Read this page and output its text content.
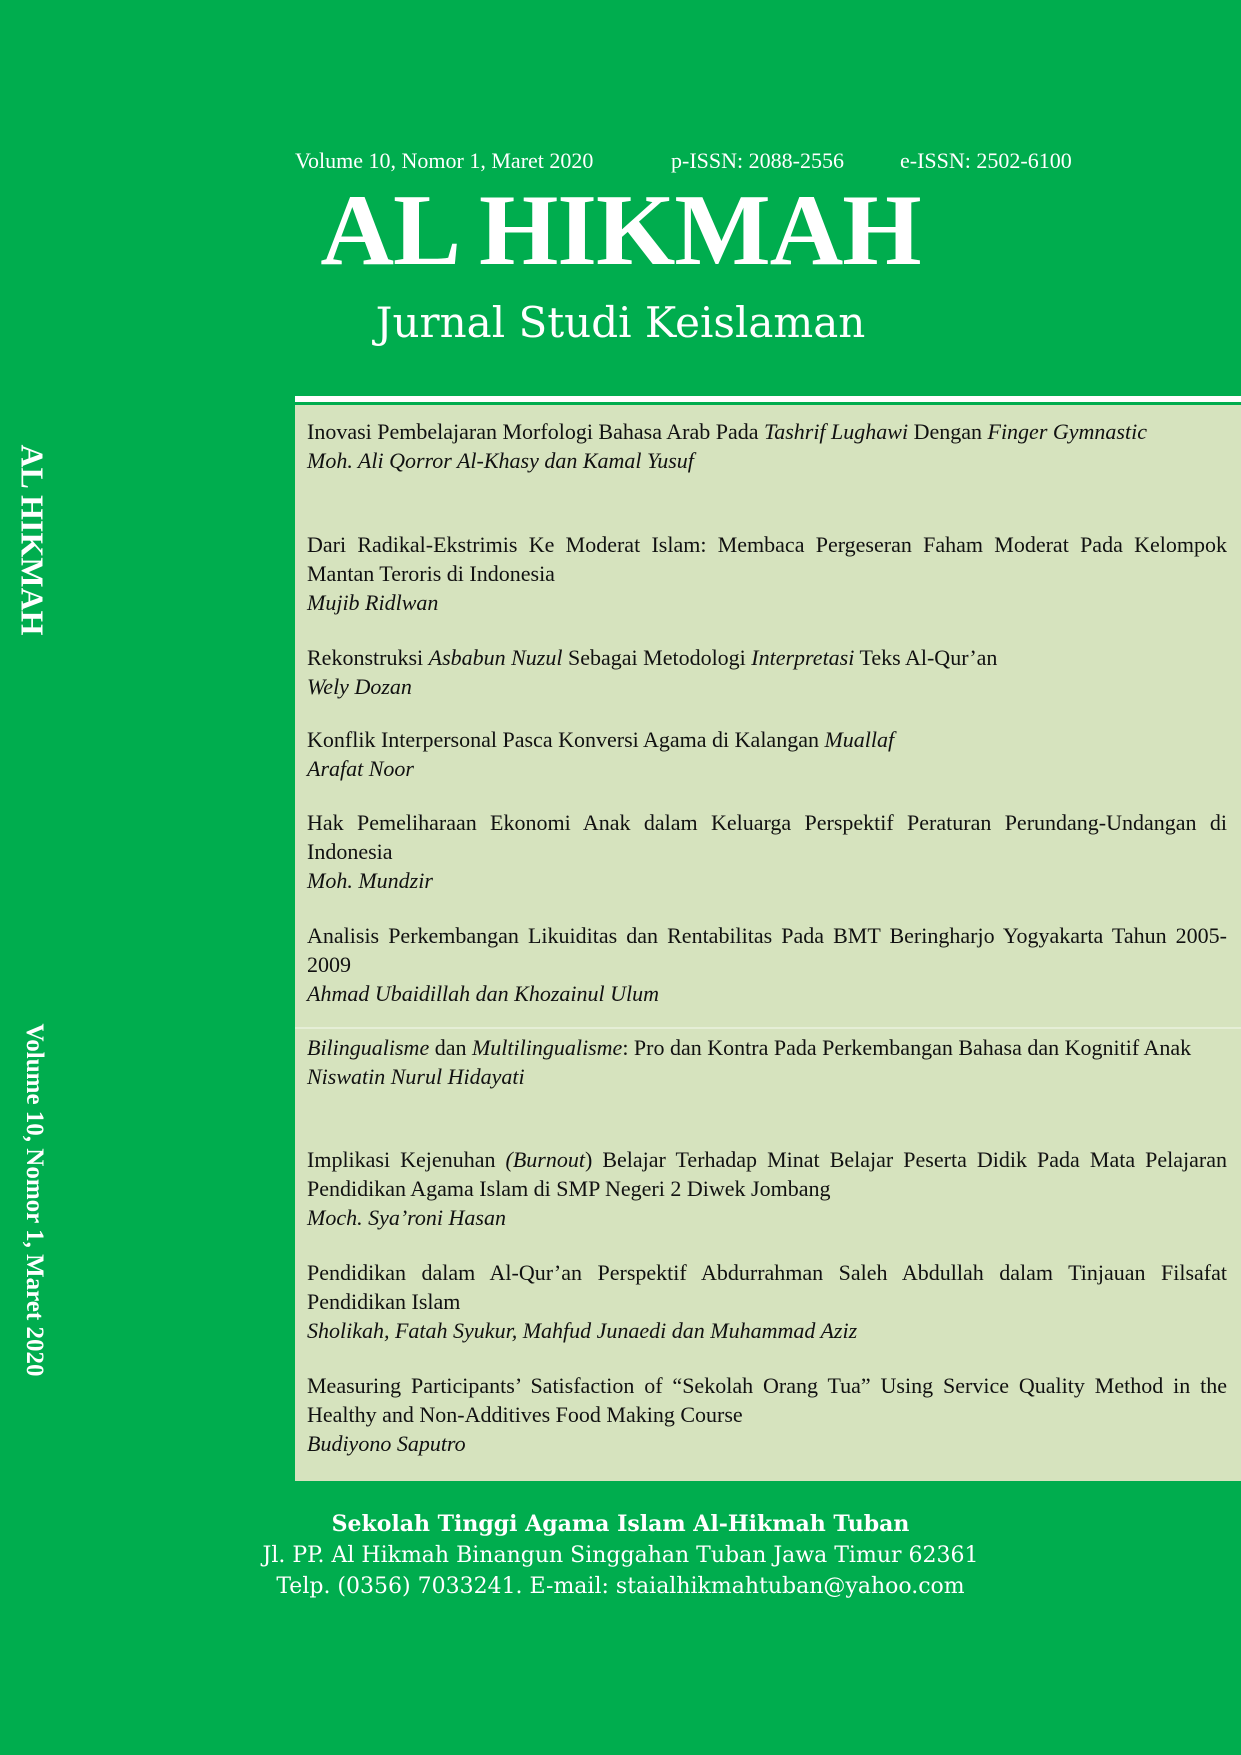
Volume 10, Nomor 1, Maret 2020	p-ISSN: 2088-2556	e-ISSN: 2502-6100
AL HIKMAH
Jurnal Studi Keislaman
AL HIKMAH
Volume 10, Nomor 1, Maret 2020
Inovasi Pembelajaran Morfologi Bahasa Arab Pada Tashrif Lughawi Dengan Finger Gymnastic
Moh. Ali Qorror Al-Khasy dan Kamal Yusuf
Dari Radikal-Ekstrimis Ke Moderat Islam: Membaca Pergeseran Faham Moderat Pada Kelompok Mantan Teroris di Indonesia
Mujib Ridlwan
Rekonstruksi Asbabun Nuzul Sebagai Metodologi Interpretasi Teks Al-Qur’an
Wely Dozan
Konflik Interpersonal Pasca Konversi Agama di Kalangan Muallaf
Arafat Noor
Hak Pemeliharaan Ekonomi Anak dalam Keluarga Perspektif Peraturan Perundang-Undangan di Indonesia
Moh. Mundzir
Analisis Perkembangan Likuiditas dan Rentabilitas Pada BMT Beringharjo Yogyakarta Tahun 2005-2009
Ahmad Ubaidillah dan Khozainul Ulum
Bilingualisme dan Multilingualisme: Pro dan Kontra Pada Perkembangan Bahasa dan Kognitif Anak
Niswatin Nurul Hidayati
Implikasi Kejenuhan (Burnout) Belajar Terhadap Minat Belajar Peserta Didik Pada Mata Pelajaran Pendidikan Agama Islam di SMP Negeri 2 Diwek Jombang
Moch. Sya’roni Hasan
Pendidikan dalam Al-Qur’an Perspektif Abdurrahman Saleh Abdullah dalam Tinjauan Filsafat Pendidikan Islam
Sholikah, Fatah Syukur, Mahfud Junaedi dan Muhammad Aziz
Measuring Participants’ Satisfaction of “Sekolah Orang Tua” Using Service Quality Method in the Healthy and Non-Additives Food Making Course
Budiyono Saputro
Sekolah Tinggi Agama Islam Al-Hikmah Tuban
Jl. PP. Al Hikmah Binangun Singgahan Tuban Jawa Timur 62361
Telp. (0356) 7033241. E-mail: staialhikmahtuban@yahoo.com
